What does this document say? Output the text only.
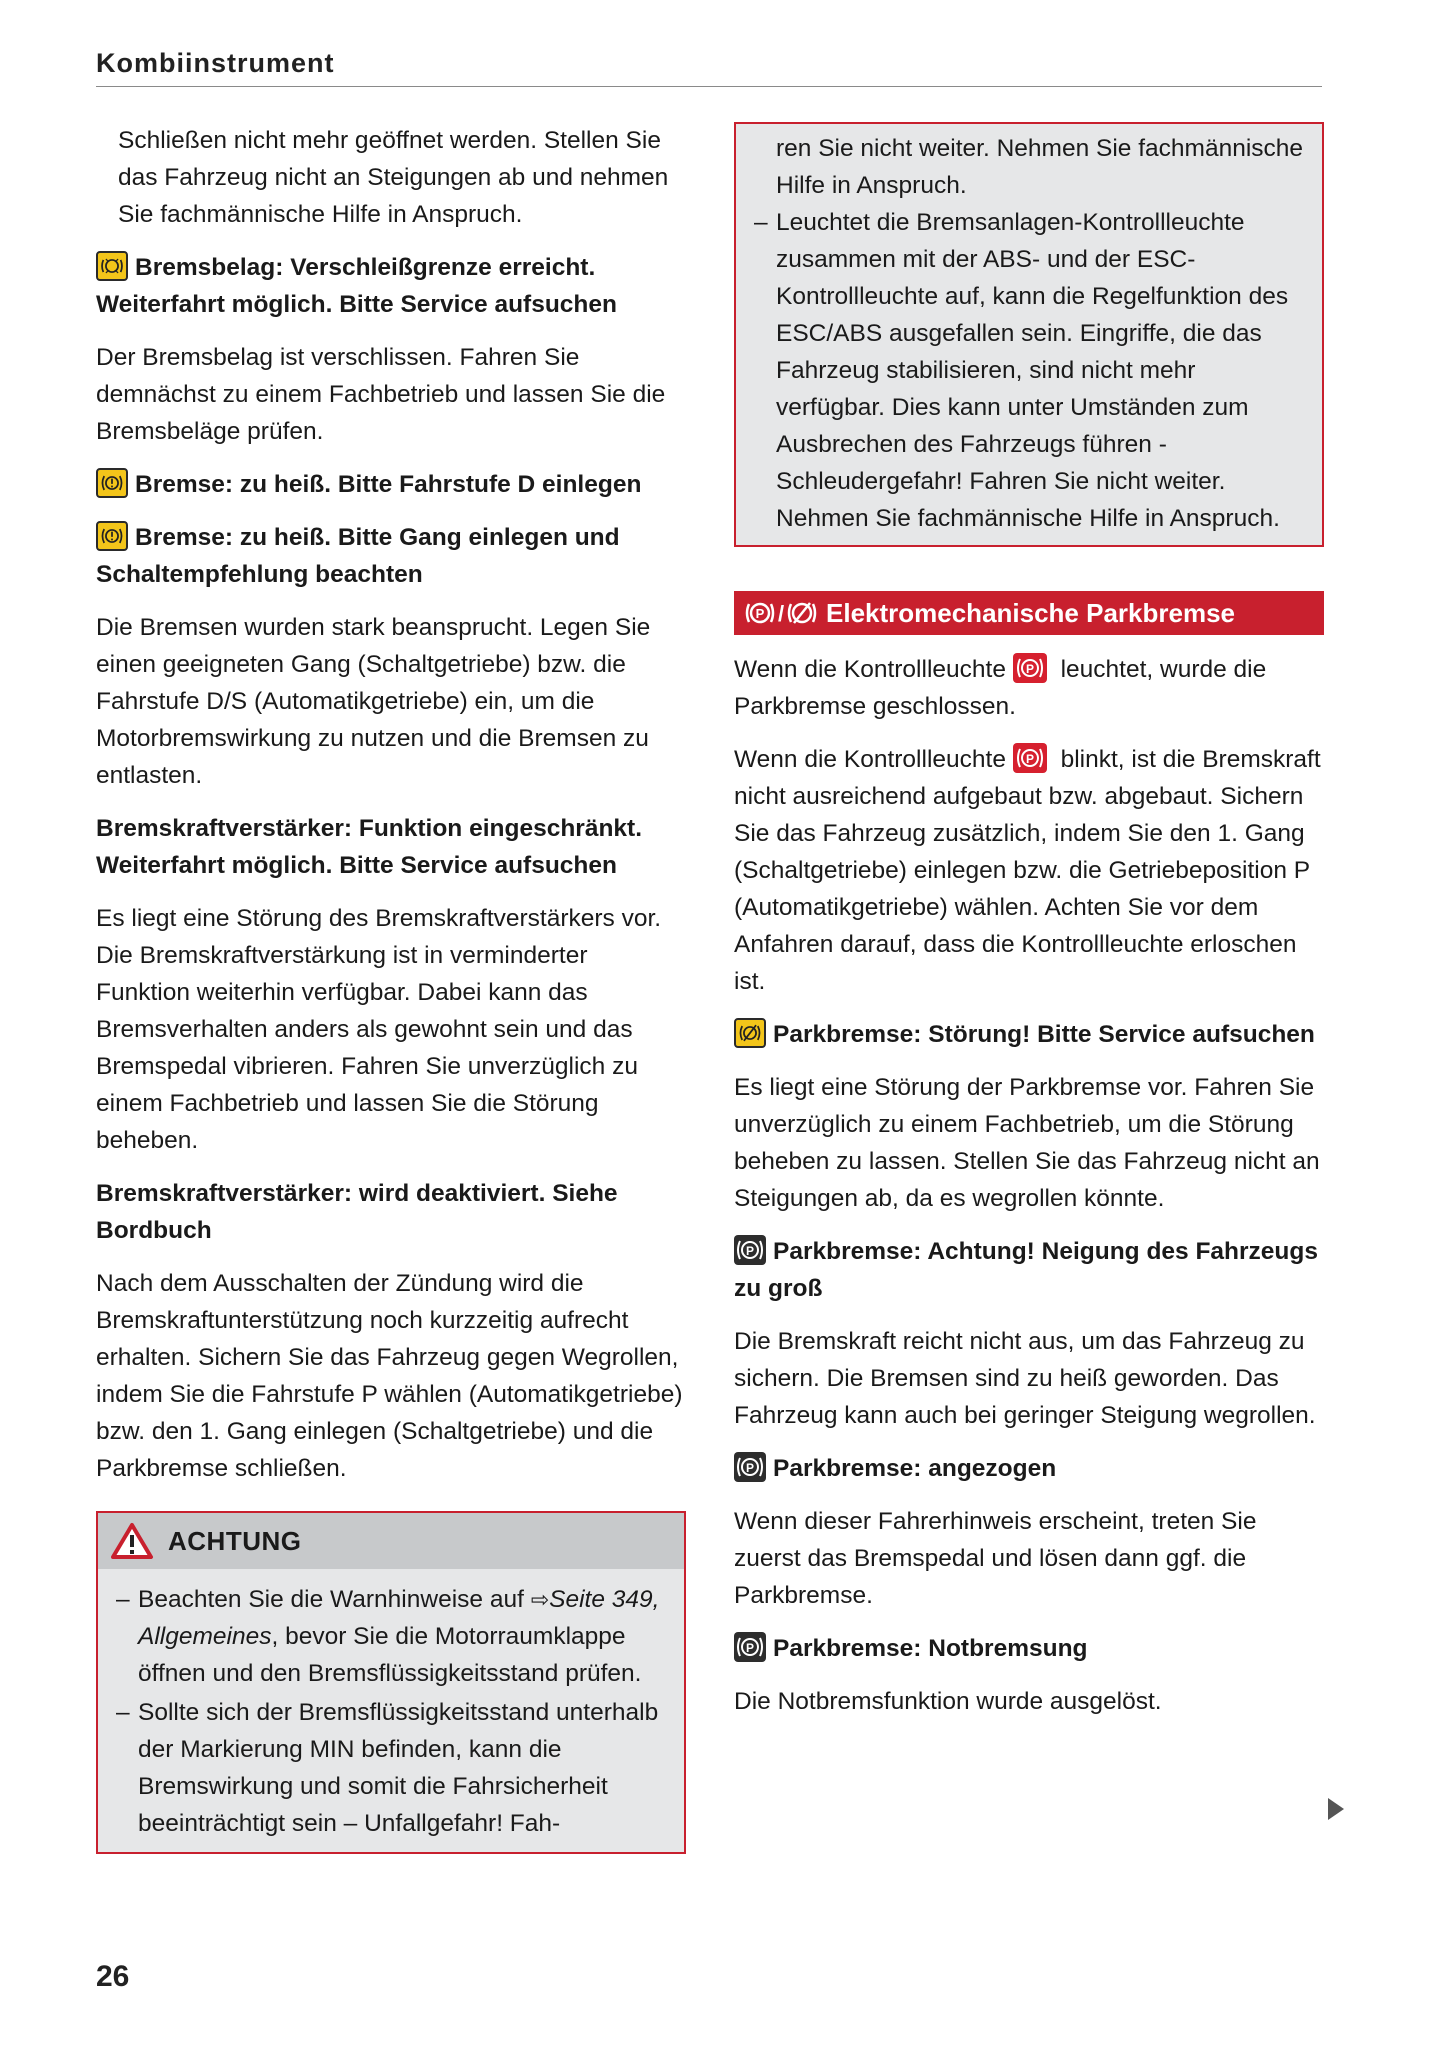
Kombiinstrument

Schließen nicht mehr geöffnet werden. Stellen Sie das Fahrzeug nicht an Steigungen ab und nehmen Sie fachmännische Hilfe in Anspruch.

Bremsbelag: Verschleißgrenze erreicht. Weiterfahrt möglich. Bitte Service aufsuchen

Der Bremsbelag ist verschlissen. Fahren Sie demnächst zu einem Fachbetrieb und lassen Sie die Bremsbeläge prüfen.

Bremse: zu heiß. Bitte Fahrstufe D einlegen
Bremse: zu heiß. Bitte Gang einlegen und Schaltempfehlung beachten

Die Bremsen wurden stark beansprucht. Legen Sie einen geeigneten Gang (Schaltgetriebe) bzw. die Fahrstufe D/S (Automatikgetriebe) ein, um die Motorbremswirkung zu nutzen und die Bremsen zu entlasten.

Bremskraftverstärker: Funktion eingeschränkt. Weiterfahrt möglich. Bitte Service aufsuchen

Es liegt eine Störung des Bremskraftverstärkers vor. Die Bremskraftverstärkung ist in verminderter Funktion weiterhin verfügbar. Dabei kann das Bremsverhalten anders als gewohnt sein und das Bremspedal vibrieren. Fahren Sie unverzüglich zu einem Fachbetrieb und lassen Sie die Störung beheben.

Bremskraftverstärker: wird deaktiviert. Siehe Bordbuch

Nach dem Ausschalten der Zündung wird die Bremskraftunterstützung noch kurzzeitig aufrecht erhalten. Sichern Sie das Fahrzeug gegen Wegrollen, indem Sie die Fahrstufe P wählen (Automatikgetriebe) bzw. den 1. Gang einlegen (Schaltgetriebe) und die Parkbremse schließen.

ACHTUNG
– Beachten Sie die Warnhinweise auf ⇨Seite 349, Allgemeines, bevor Sie die Motorraumklappe öffnen und den Bremsflüssigkeitsstand prüfen.
– Sollte sich der Bremsflüssigkeitsstand unterhalb der Markierung MIN befinden, kann die Bremswirkung und somit die Fahrsicherheit beeinträchtigt sein – Unfallgefahr! Fah-
ren Sie nicht weiter. Nehmen Sie fachmännische Hilfe in Anspruch.
– Leuchtet die Bremsanlagen-Kontrollleuchte zusammen mit der ABS- und der ESC-Kontrollleuchte auf, kann die Regelfunktion des ESC/ABS ausgefallen sein. Eingriffe, die das Fahrzeug stabilisieren, sind nicht mehr verfügbar. Dies kann unter Umständen zum Ausbrechen des Fahrzeugs führen - Schleudergefahr! Fahren Sie nicht weiter. Nehmen Sie fachmännische Hilfe in Anspruch.
P / Elektromechanische Parkbremse

Wenn die Kontrollleuchte P leuchtet, wurde die Parkbremse geschlossen.

Wenn die Kontrollleuchte P blinkt, ist die Bremskraft nicht ausreichend aufgebaut bzw. abgebaut. Sichern Sie das Fahrzeug zusätzlich, indem Sie den 1. Gang (Schaltgetriebe) einlegen bzw. die Getriebeposition P (Automatikgetriebe) wählen. Achten Sie vor dem Anfahren darauf, dass die Kontrollleuchte erloschen ist.

Parkbremse: Störung! Bitte Service aufsuchen

Es liegt eine Störung der Parkbremse vor. Fahren Sie unverzüglich zu einem Fachbetrieb, um die Störung beheben zu lassen. Stellen Sie das Fahrzeug nicht an Steigungen ab, da es wegrollen könnte.

P Parkbremse: Achtung! Neigung des Fahrzeugs zu groß

Die Bremskraft reicht nicht aus, um das Fahrzeug zu sichern. Die Bremsen sind zu heiß geworden. Das Fahrzeug kann auch bei geringer Steigung wegrollen.

P Parkbremse: angezogen

Wenn dieser Fahrerhinweis erscheint, treten Sie zuerst das Bremspedal und lösen dann ggf. die Parkbremse.

P Parkbremse: Notbremsung

Die Notbremsfunktion wurde ausgelöst.

26
